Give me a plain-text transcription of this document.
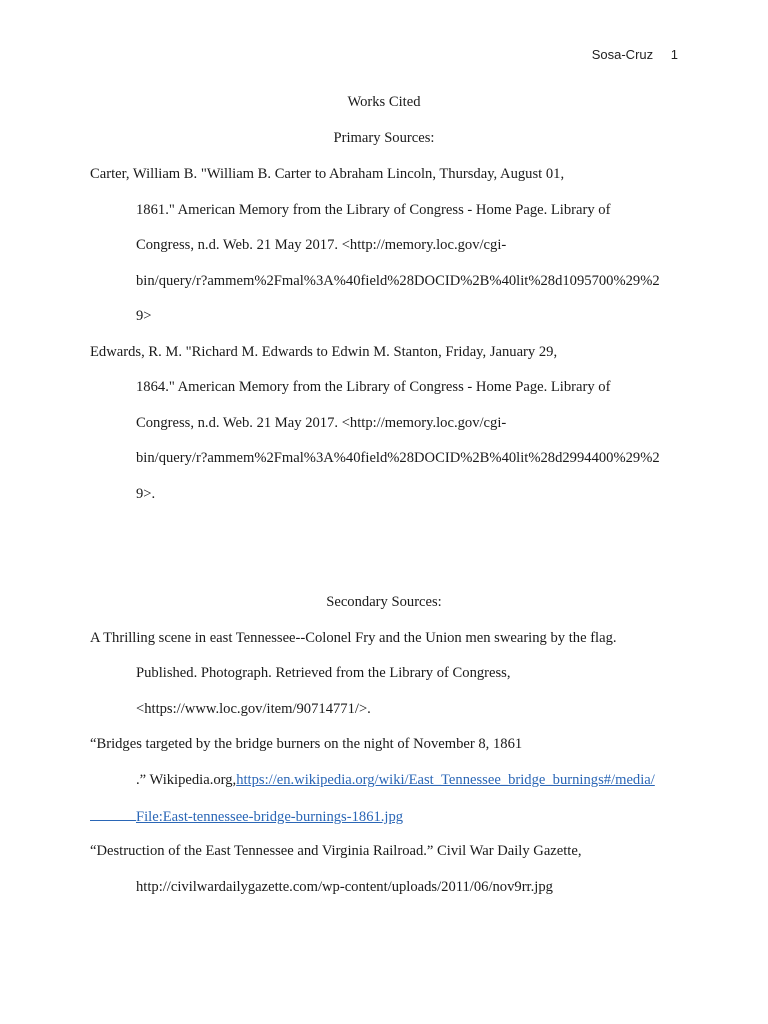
Sosa-Cruz 1
Works Cited
Primary Sources:
Carter, William B. "William B. Carter to Abraham Lincoln, Thursday, August 01,
1861." American Memory from the Library of Congress - Home Page. Library of
Congress, n.d. Web. 21 May 2017. <http://memory.loc.gov/cgi-
bin/query/r?ammem%2Fmal%3A%40field%28DOCID%2B%40lit%28d1095700%29%2
9>
Edwards, R. M. "Richard M. Edwards to Edwin M. Stanton, Friday, January 29,
1864." American Memory from the Library of Congress - Home Page. Library of
Congress, n.d. Web. 21 May 2017. <http://memory.loc.gov/cgi-
bin/query/r?ammem%2Fmal%3A%40field%28DOCID%2B%40lit%28d2994400%29%2
9>.
Secondary Sources:
A Thrilling scene in east Tennessee--Colonel Fry and the Union men swearing by the flag.
Published. Photograph. Retrieved from the Library of Congress,
<https://www.loc.gov/item/90714771/>.
“Bridges targeted by the bridge burners on the night of November 8, 1861
.” Wikipedia.org,https://en.wikipedia.org/wiki/East_Tennessee_bridge_burnings#/media/
File:East-tennessee-bridge-burnings-1861.jpg
“Destruction of the East Tennessee and Virginia Railroad.” Civil War Daily Gazette,
http://civilwardailygazette.com/wp-content/uploads/2011/06/nov9rr.jpg
